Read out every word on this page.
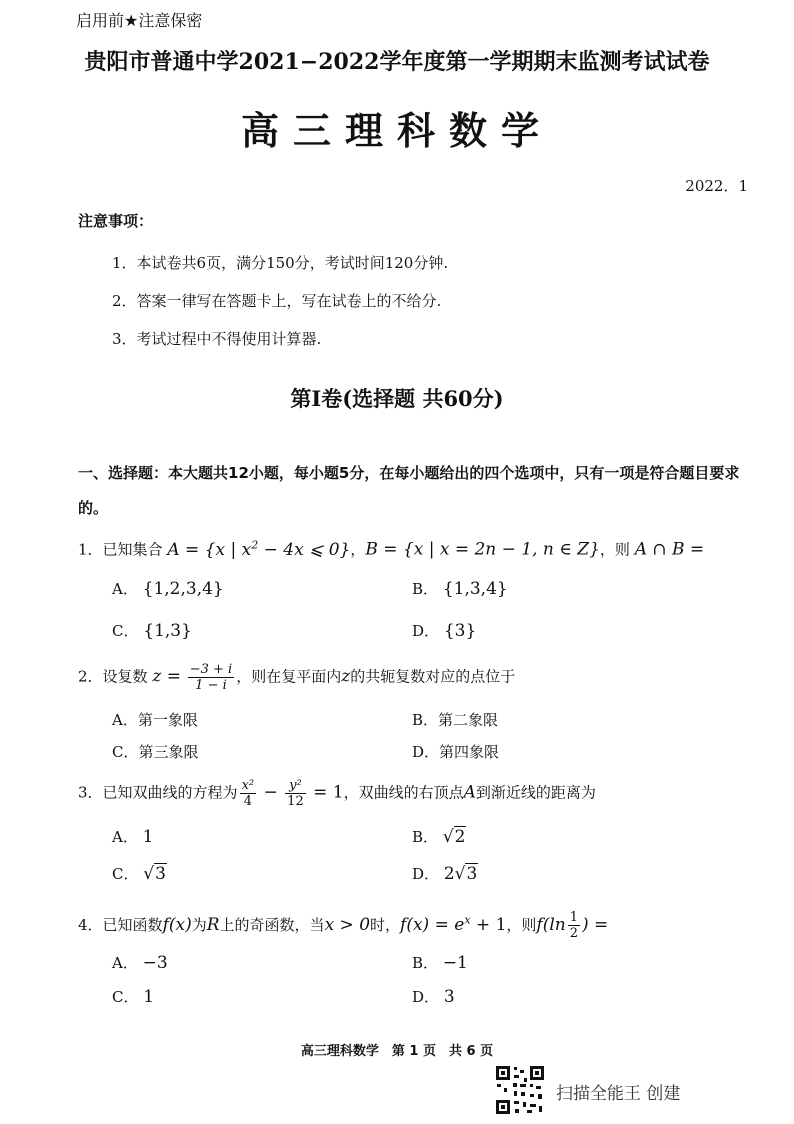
启用前★注意保密
贵阳市普通中学2021−2022学年度第一学期期末监测考试试卷
高三理科数学
2022．1
注意事项：
1．本试卷共6页，满分150分，考试时间120分钟.
2．答案一律写在答题卡上，写在试卷上的不给分.
3．考试过程中不得使用计算器.
第I卷(选择题 共60分)
一、选择题：本大题共12小题，每小题5分，在每小题给出的四个选项中，只有一项是符合题目要求的。
1．已知集合 A = {x | $x^2 - 4x$ ⩽ 0}，B = {x | x = 2n − 1, n ∈ Z}，则 A ∩ B =
A． {1,2,3,4}	B． {1,3,4}
C． {1,3}	D． {3}
2．设复数 $z = \frac{-3 + i}{1 - i}$ ，则在复平面内z的共轭复数对应的点位于
A．第一象限	B．第二象限
C．第三象限	D．第四象限
3．已知双曲线的方程为 $\frac{\text{x²}}{4} - \frac{\text{y²}}{12} = 1$，双曲线的右顶点A到渐近线的距离为
A． 1	B． √2
C． √3	D． 2√3
4．已知函数f(x)为R上的奇函数，当x > 0时，$f(x) = e^x + 1$，则$f(\ln \frac{1}{2}$ ) =
A． −3	B． −1
C． 1	D． 3
高三理科数学　第 1 页　共 6 页
扫描全能王 创建
